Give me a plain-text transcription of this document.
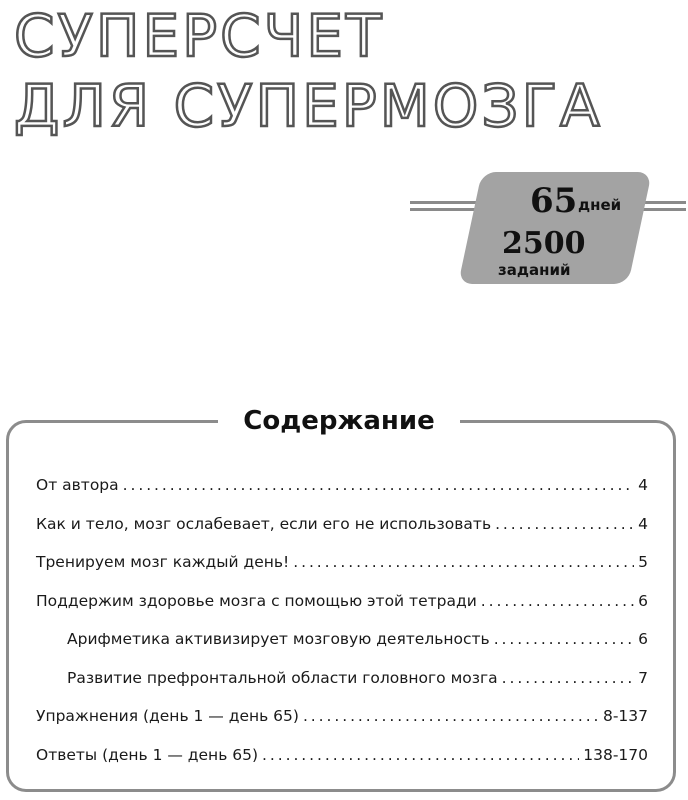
СУПЕРСЧЕТ
ДЛЯ СУПЕРМОЗГА
65 дней
2500
заданий
Содержание
От автора . . .	4
Как и тело, мозг ослабевает, если его не использовать . . .	4
Тренируем мозг каждый день! . . .	5
Поддержим здоровье мозга с помощью этой тетради . . .	6
Арифметика активизирует мозговую деятельность . . .	6
Развитие префронтальной области головного мозга . . .	7
Упражнения (день 1 — день 65) . . .	8-137
Ответы (день 1 — день 65) . . .	138-170
